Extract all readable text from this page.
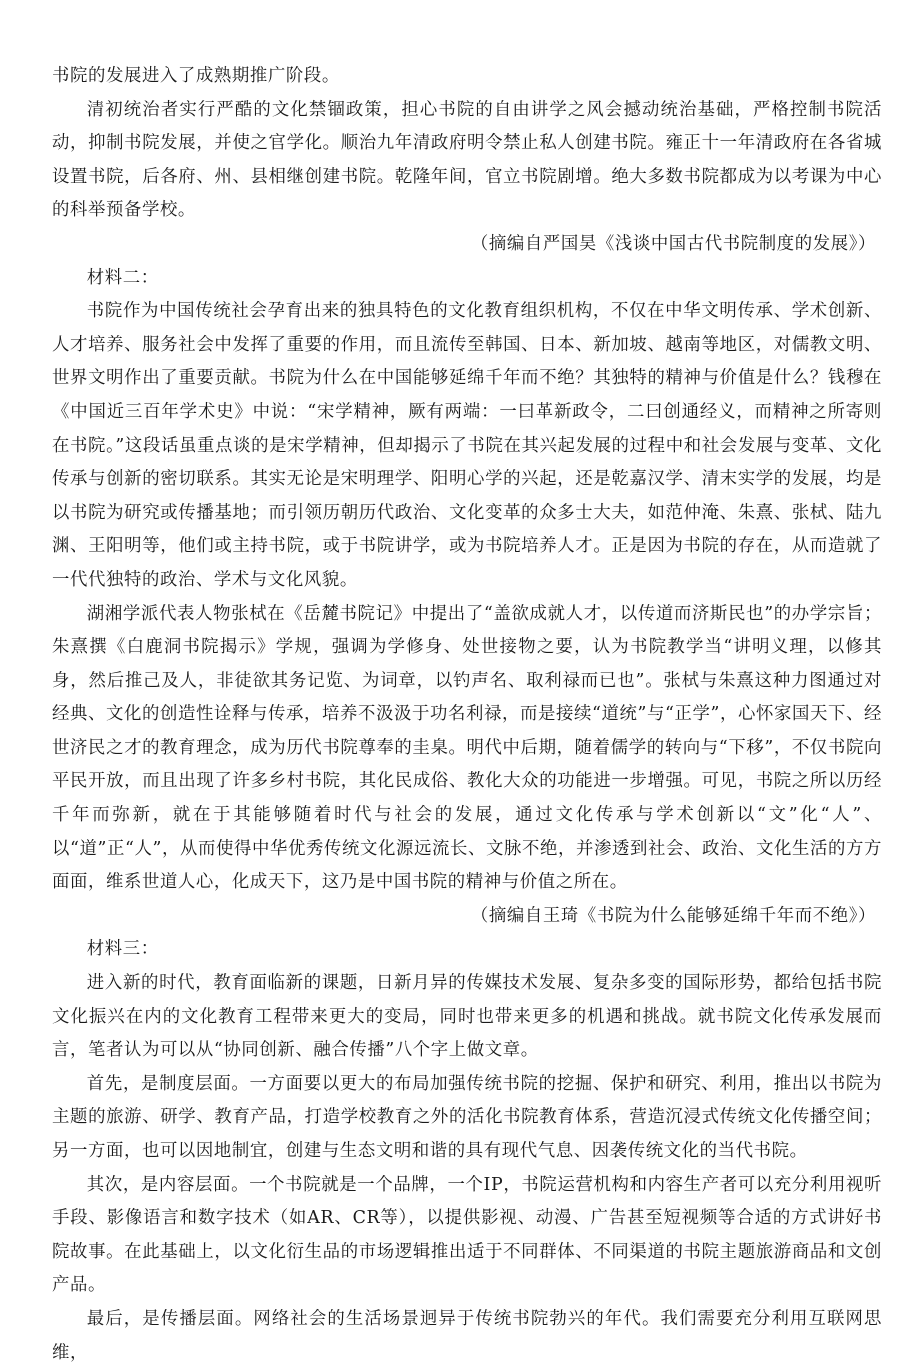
书院的发展进入了成熟期推广阶段。

清初统治者实行严酷的文化禁锢政策，担心书院的自由讲学之风会撼动统治基础，严格控制书院活动，抑制书院发展，并使之官学化。顺治九年清政府明令禁止私人创建书院。雍正十一年清政府在各省城设置书院，后各府、州、县相继创建书院。乾隆年间，官立书院剧增。绝大多数书院都成为以考课为中心的科举预备学校。

（摘编自严国昊《浅谈中国古代书院制度的发展》）

材料二：

书院作为中国传统社会孕育出来的独具特色的文化教育组织机构，不仅在中华文明传承、学术创新、人才培养、服务社会中发挥了重要的作用，而且流传至韩国、日本、新加坡、越南等地区，对儒教文明、世界文明作出了重要贡献。书院为什么在中国能够延绵千年而不绝？其独特的精神与价值是什么？钱穆在《中国近三百年学术史》中说：“宋学精神，厥有两端：一曰革新政令，二曰创通经义，而精神之所寄则在书院。”这段话虽重点谈的是宋学精神，但却揭示了书院在其兴起发展的过程中和社会发展与变革、文化传承与创新的密切联系。其实无论是宋明理学、阳明心学的兴起，还是乾嘉汉学、清末实学的发展，均是以书院为研究或传播基地；而引领历朝历代政治、文化变革的众多士大夫，如范仲淹、朱熹、张栻、陆九渊、王阳明等，他们或主持书院，或于书院讲学，或为书院培养人才。正是因为书院的存在，从而造就了一代代独特的政治、学术与文化风貌。

湖湘学派代表人物张栻在《岳麓书院记》中提出了“盖欲成就人才，以传道而济斯民也”的办学宗旨；朱熹撰《白鹿洞书院揭示》学规，强调为学修身、处世接物之要，认为书院教学当“讲明义理，以修其身，然后推己及人，非徒欲其务记览、为词章，以钓声名、取利禄而已也”。张栻与朱熹这种力图通过对经典、文化的创造性诠释与传承，培养不汲汲于功名利禄，而是接续“道统”与“正学”，心怀家国天下、经世济民之才的教育理念，成为历代书院尊奉的圭臬。明代中后期，随着儒学的转向与“下移”，不仅书院向平民开放，而且出现了许多乡村书院，其化民成俗、教化大众的功能进一步增强。可见，书院之所以历经千年而弥新，就在于其能够随着时代与社会的发展，通过文化传承与学术创新以“文”化“人”、以“道”正“人”，从而使得中华优秀传统文化源远流长、文脉不绝，并渗透到社会、政治、文化生活的方方面面，维系世道人心，化成天下，这乃是中国书院的精神与价值之所在。

（摘编自王琦《书院为什么能够延绵千年而不绝》）

材料三：

进入新的时代，教育面临新的课题，日新月异的传媒技术发展、复杂多变的国际形势，都给包括书院文化振兴在内的文化教育工程带来更大的变局，同时也带来更多的机遇和挑战。就书院文化传承发展而言，笔者认为可以从“协同创新、融合传播”八个字上做文章。

首先，是制度层面。一方面要以更大的布局加强传统书院的挖掘、保护和研究、利用，推出以书院为主题的旅游、研学、教育产品，打造学校教育之外的活化书院教育体系，营造沉浸式传统文化传播空间；另一方面，也可以因地制宜，创建与生态文明和谐的具有现代气息、因袭传统文化的当代书院。

其次，是内容层面。一个书院就是一个品牌，一个IP，书院运营机构和内容生产者可以充分利用视听手段、影像语言和数字技术（如AR、CR等），以提供影视、动漫、广告甚至短视频等合适的方式讲好书院故事。在此基础上，以文化衍生品的市场逻辑推出适于不同群体、不同渠道的书院主题旅游商品和文创产品。

最后，是传播层面。网络社会的生活场景迥异于传统书院勃兴的年代。我们需要充分利用互联网思维，
